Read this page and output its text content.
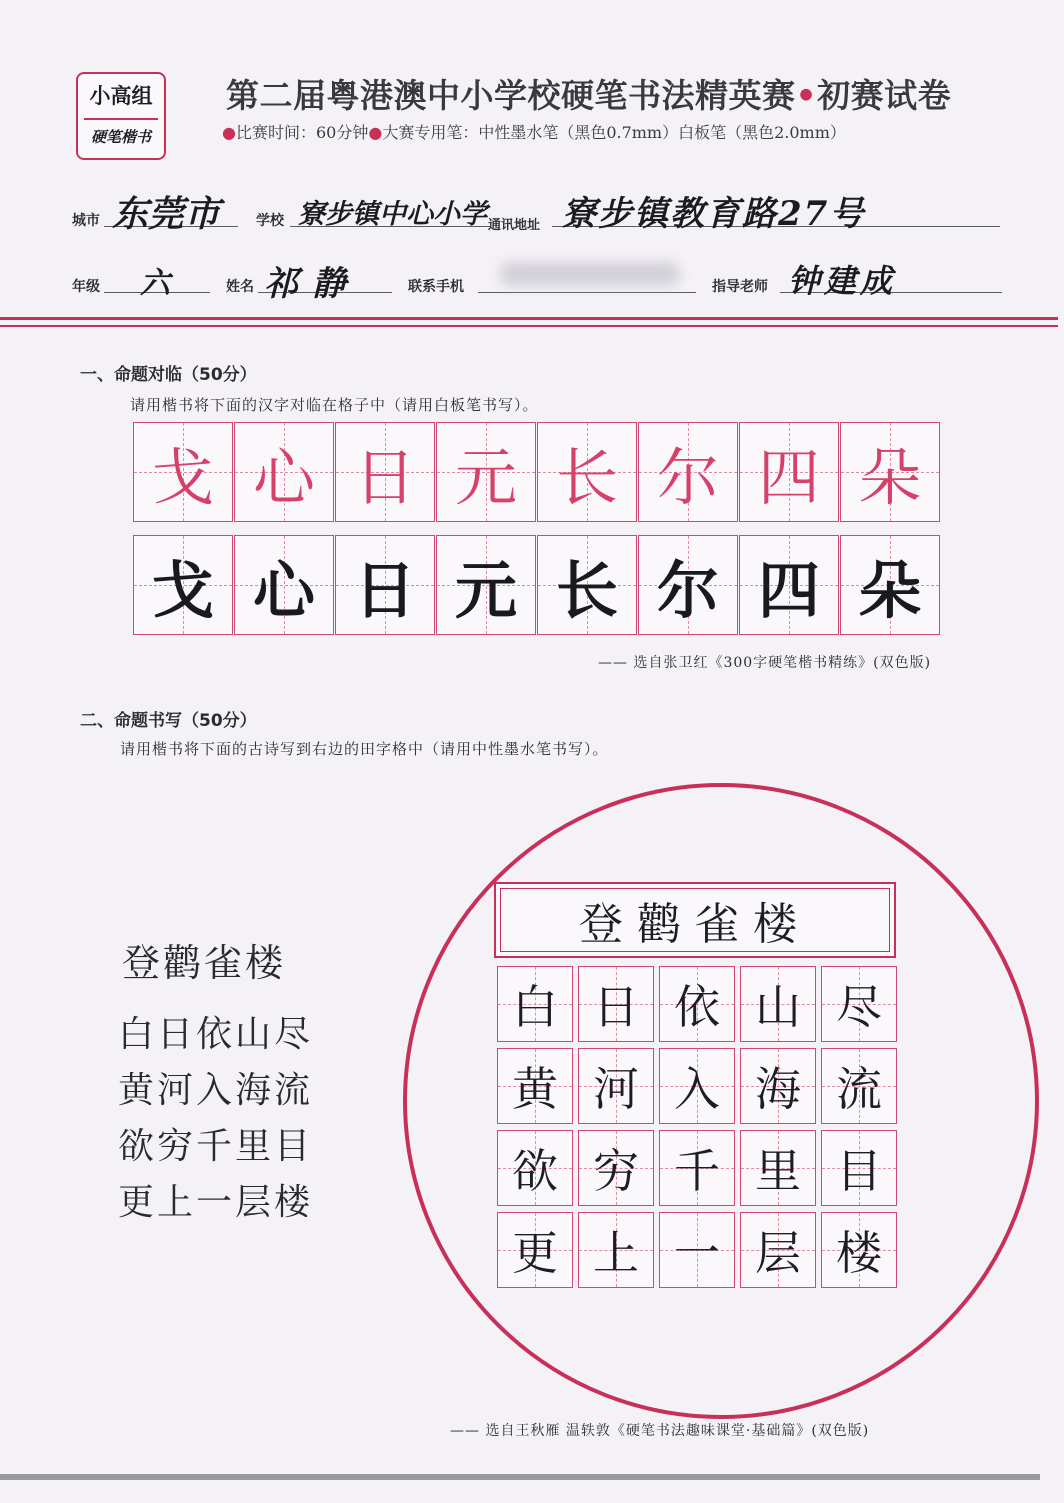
小高组
硬笔楷书
第二届粤港澳中小学校硬笔书法精英赛•初赛试卷
●比赛时间：60分钟●大赛专用笔：中性墨水笔（黑色0.7mm）白板笔（黑色2.0mm）
城市 东莞市	学校 寮步镇中心小学 通讯地址 寮步镇教育路27号
年级 六	姓名 祁静	联系手机	指导老师 钟建成
一、命题对临（50分）
请用楷书将下面的汉字对临在格子中（请用白板笔书写）。
戈 心 日 元 长 尔 四 朵
戈 心 日 元 长 尔 四 朵
—— 选自张卫红《300字硬笔楷书精练》(双色版)
二、命题书写（50分）
请用楷书将下面的古诗写到右边的田字格中（请用中性墨水笔书写）。
登鹳雀楼
白日依山尽
黄河入海流
欲穷千里目
更上一层楼
登鹳雀楼
白 日 依 山 尽
黄 河 入 海 流
欲 穷 千 里 目
更 上 一 层 楼
—— 选自王秋雁 温轶敦《硬笔书法趣味课堂·基础篇》(双色版)
